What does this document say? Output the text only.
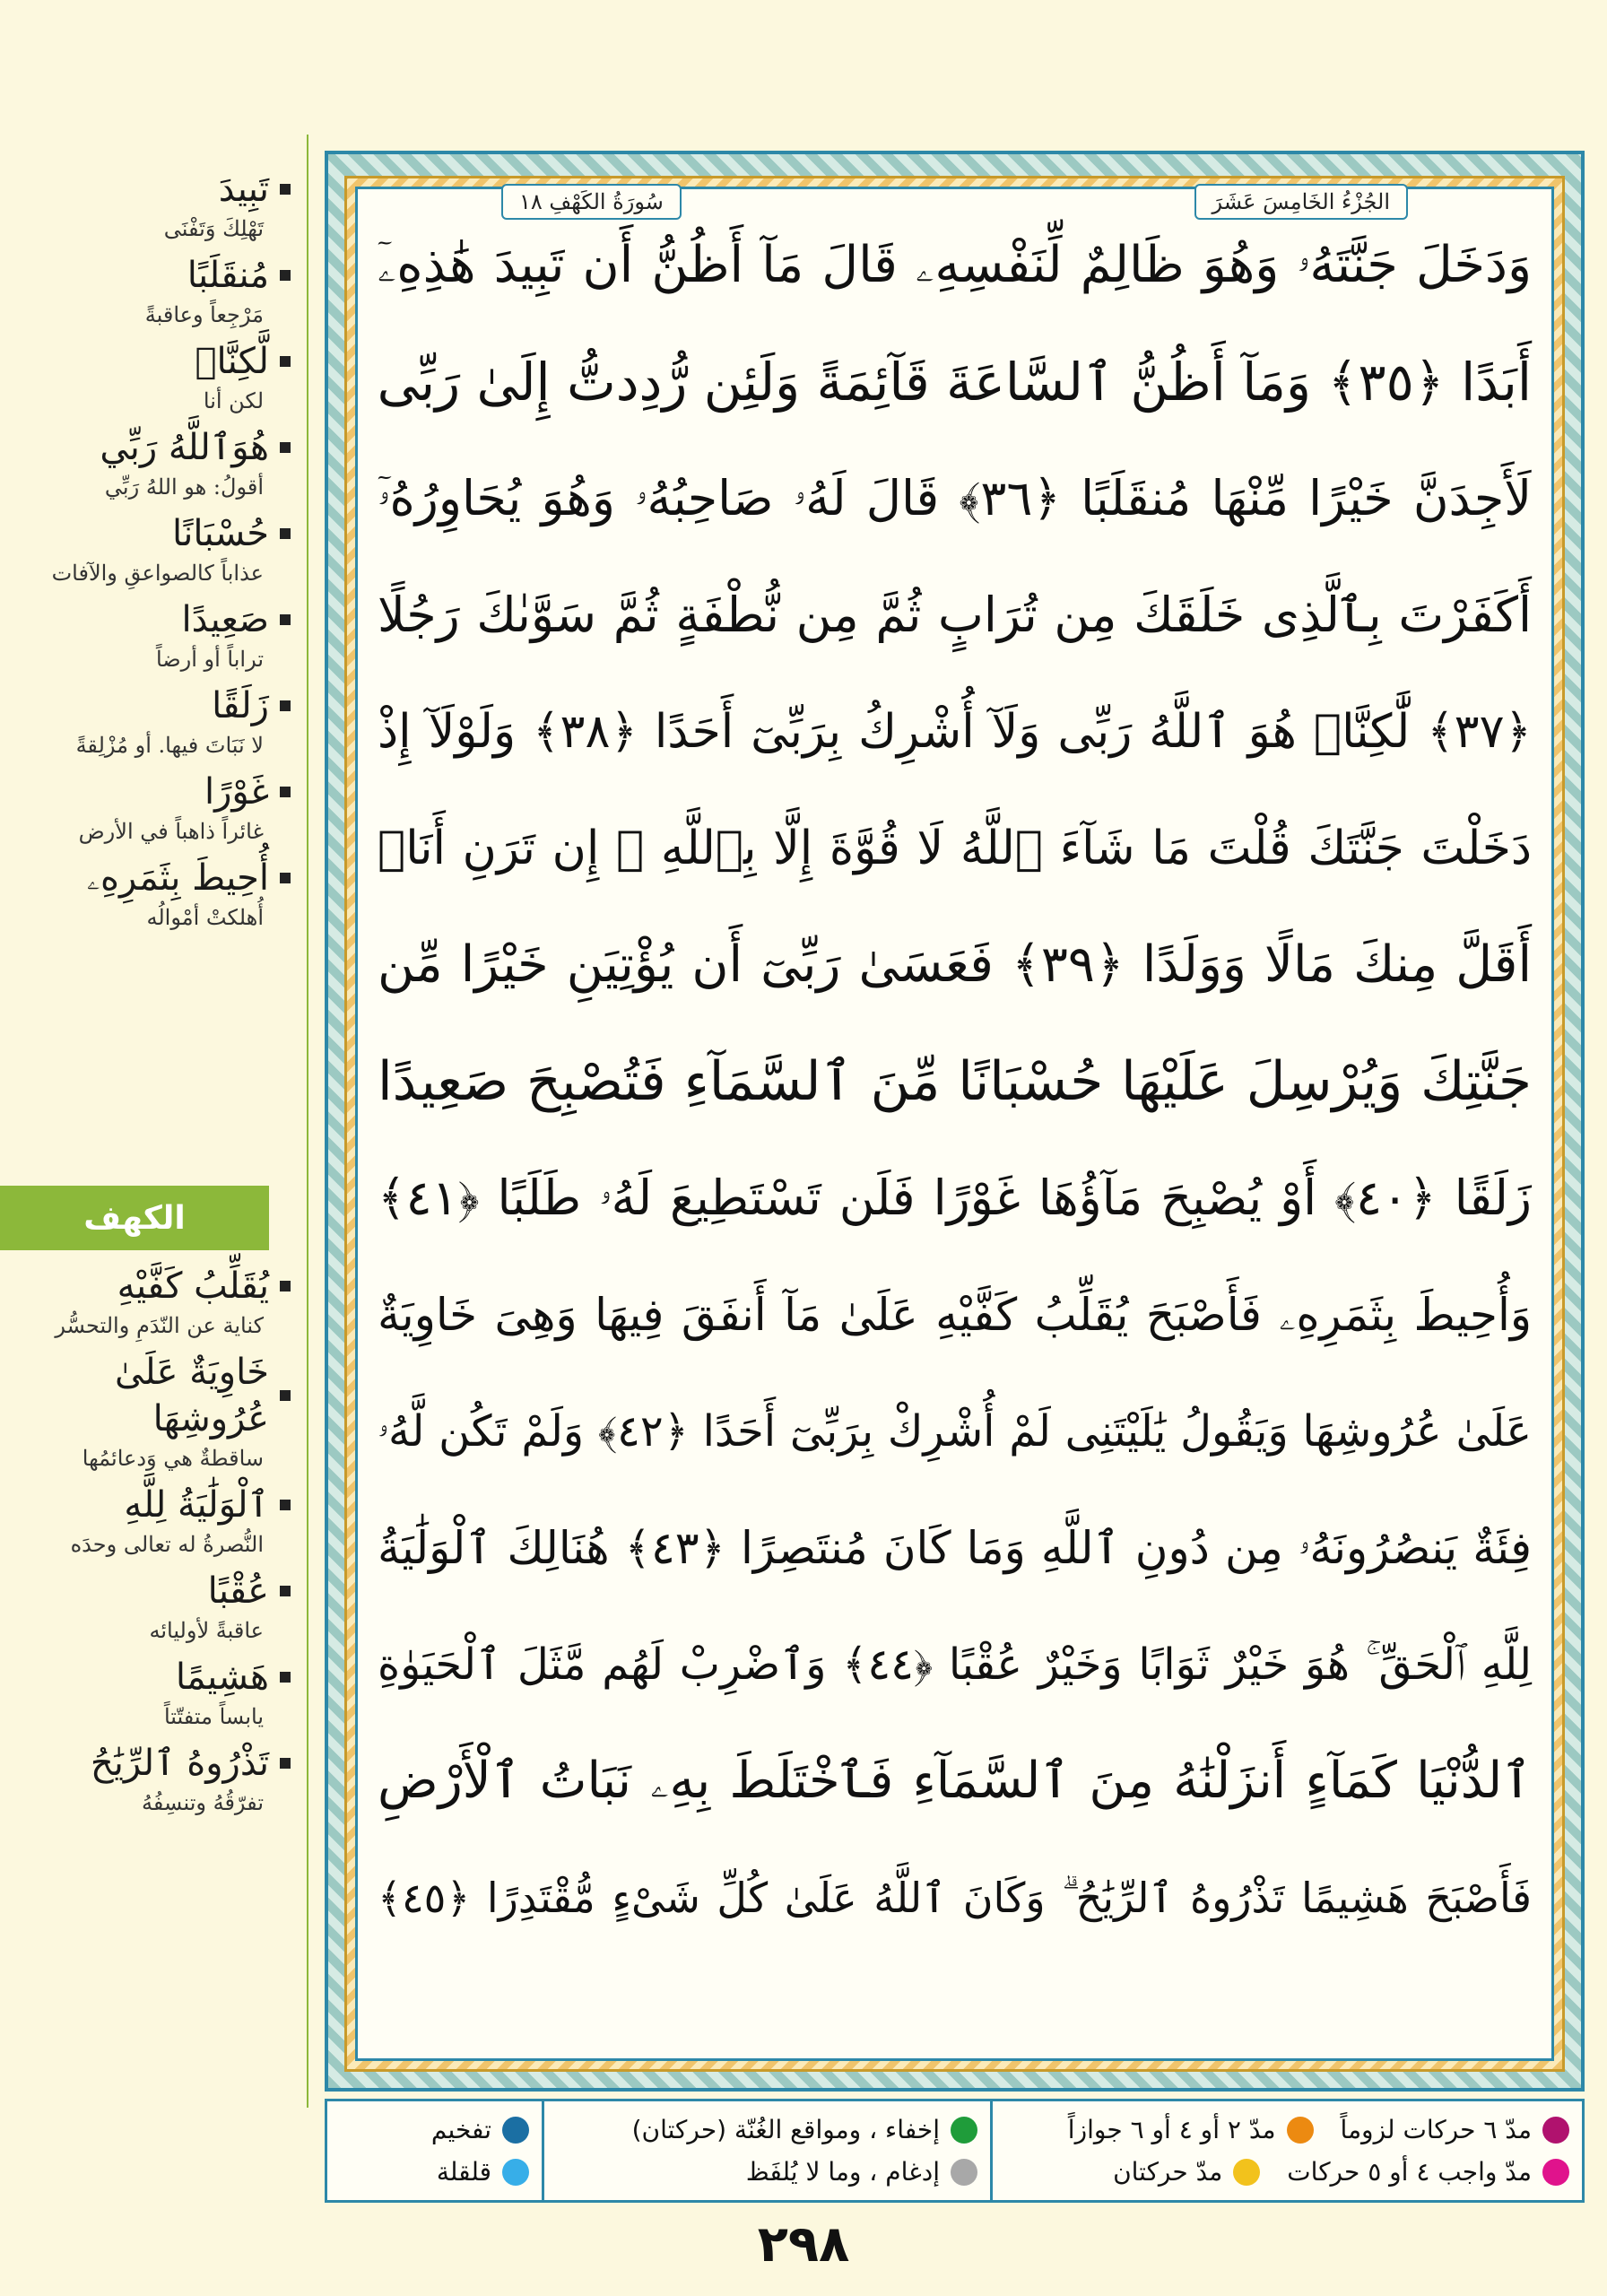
تَبِيدَ
تَهْلِكَ وَتَفْنَى
مُنقَلَبًا
مَرْجِعاً وعاقبةً
لَّكِنَّا۠
لكن أنا
هُوَٱللَّهُ رَبِّي
أقولُ: هو اللهُ رَبِّي
حُسْبَانًا
عذاباً كالصواعقِ والآفات
صَعِيدًا
تراباً أو أرضاً
زَلَقًا
لا نَبَاتَ فيها. أو مُزْلِقةً
غَوْرًا
غائراً ذاهباً في الأرض
أُحِيطَ بِثَمَرِهِۦ
أُهلكتْ أمْوالُه
الكهف
يُقَلِّبُ كَفَّيْهِ
كناية عن النّدَمِ والتحسُّر
خَاوِيَةٌ عَلَىٰ عُرُوشِهَا
ساقطةٌ هي وَدعائمُها
ٱلْوَلَٰيَةُ لِلَّهِ
النُّصرةُ له تعالى وحدَه
عُقْبًا
عاقبةً لأوليائه
هَشِيمًا
يابساً متفتّتاً
تَذْرُوهُ ٱلرِّيَٰحُ
تفرّقُهُ وتنسِفُهُ
سُورَةُ الكَهْفِ ١٨	الجُزْءُ الخَامِسَ عَشَرَ
وَدَخَلَ جَنَّتَهُۥ وَهُوَ ظَالِمٌ لِّنَفْسِهِۦ قَالَ مَآ أَظُنُّ أَن تَبِيدَ هَٰذِهِۦٓ
أَبَدًا ﴿٣٥﴾ وَمَآ أَظُنُّ ٱلسَّاعَةَ قَآئِمَةً وَلَئِن رُّدِدتُّ إِلَىٰ رَبِّى
لَأَجِدَنَّ خَيْرًا مِّنْهَا مُنقَلَبًا ﴿٣٦﴾ قَالَ لَهُۥ صَاحِبُهُۥ وَهُوَ يُحَاوِرُهُۥٓ
أَكَفَرْتَ بِٱلَّذِى خَلَقَكَ مِن تُرَابٍ ثُمَّ مِن نُّطْفَةٍ ثُمَّ سَوَّىٰكَ رَجُلًا
﴿٣٧﴾ لَّٰكِنَّا۠ هُوَ ٱللَّهُ رَبِّى وَلَآ أُشْرِكُ بِرَبِّىٓ أَحَدًا ﴿٣٨﴾ وَلَوْلَآ إِذْ
دَخَلْتَ جَنَّتَكَ قُلْتَ مَا شَآءَ ٱللَّهُ لَا قُوَّةَ إِلَّا بِٱللَّهِ ۚ إِن تَرَنِ أَنَا۠
أَقَلَّ مِنكَ مَالًا وَوَلَدًا ﴿٣٩﴾ فَعَسَىٰ رَبِّىٓ أَن يُؤْتِيَنِ خَيْرًا مِّن
جَنَّتِكَ وَيُرْسِلَ عَلَيْهَا حُسْبَانًا مِّنَ ٱلسَّمَآءِ فَتُصْبِحَ صَعِيدًا
زَلَقًا ﴿٤٠﴾ أَوْ يُصْبِحَ مَآؤُهَا غَوْرًا فَلَن تَسْتَطِيعَ لَهُۥ طَلَبًا ﴿٤١﴾
وَأُحِيطَ بِثَمَرِهِۦ فَأَصْبَحَ يُقَلِّبُ كَفَّيْهِ عَلَىٰ مَآ أَنفَقَ فِيهَا وَهِىَ خَاوِيَةٌ
عَلَىٰ عُرُوشِهَا وَيَقُولُ يَٰلَيْتَنِى لَمْ أُشْرِكْ بِرَبِّىٓ أَحَدًا ﴿٤٢﴾ وَلَمْ تَكُن لَّهُۥ
فِئَةٌ يَنصُرُونَهُۥ مِن دُونِ ٱللَّهِ وَمَا كَانَ مُنتَصِرًا ﴿٤٣﴾ هُنَالِكَ ٱلْوَلَٰيَةُ
لِلَّهِ ٱلْحَقِّ ۚ هُوَ خَيْرٌ ثَوَابًا وَخَيْرٌ عُقْبًا ﴿٤٤﴾ وَٱضْرِبْ لَهُم مَّثَلَ ٱلْحَيَوٰةِ
ٱلدُّنْيَا كَمَآءٍ أَنزَلْنَٰهُ مِنَ ٱلسَّمَآءِ فَٱخْتَلَطَ بِهِۦ نَبَاتُ ٱلْأَرْضِ
فَأَصْبَحَ هَشِيمًا تَذْرُوهُ ٱلرِّيَٰحُ ۗ وَكَانَ ٱللَّهُ عَلَىٰ كُلِّ شَىْءٍ مُّقْتَدِرًا ﴿٤٥﴾
مدّ ٦ حركات لزوماً
مدّ ٢ أو ٤ أو ٦ جوازاً
مدّ واجب ٤ أو ٥ حركات
مدّ حركتان
إخفاء ، ومواقع الغُنّة (حركتان)
إدغام ، وما لا يُلفَظ
تفخيم
قلقلة
٢٩٨
